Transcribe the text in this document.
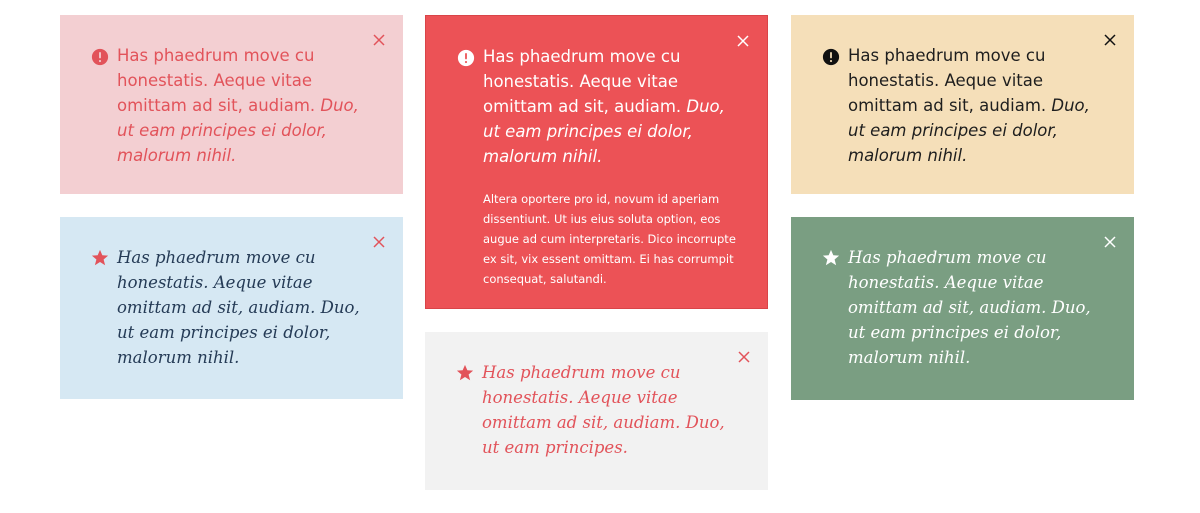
Has phaedrum move cu honestatis. Aeque vitae omittam ad sit, audiam. Duo, ut eam principes ei dolor, malorum nihil.

Has phaedrum move cu honestatis. Aeque vitae omittam ad sit, audiam. Duo, ut eam principes ei dolor, malorum nihil.

Has phaedrum move cu honestatis. Aeque vitae omittam ad sit, audiam. Duo, ut eam principes ei dolor, malorum nihil.

Altera oportere pro id, novum id aperiam dissentiunt. Ut ius eius soluta option, eos augue ad cum interpretaris. Dico incorrupte ex sit, vix essent omittam. Ei has corrumpit consequat, salutandi.

Has phaedrum move cu honestatis. Aeque vitae omittam ad sit, audiam. Duo, ut eam principes.

Has phaedrum move cu honestatis. Aeque vitae omittam ad sit, audiam. Duo, ut eam principes ei dolor, malorum nihil.

Has phaedrum move cu honestatis. Aeque vitae omittam ad sit, audiam. Duo, ut eam principes ei dolor, malorum nihil.
